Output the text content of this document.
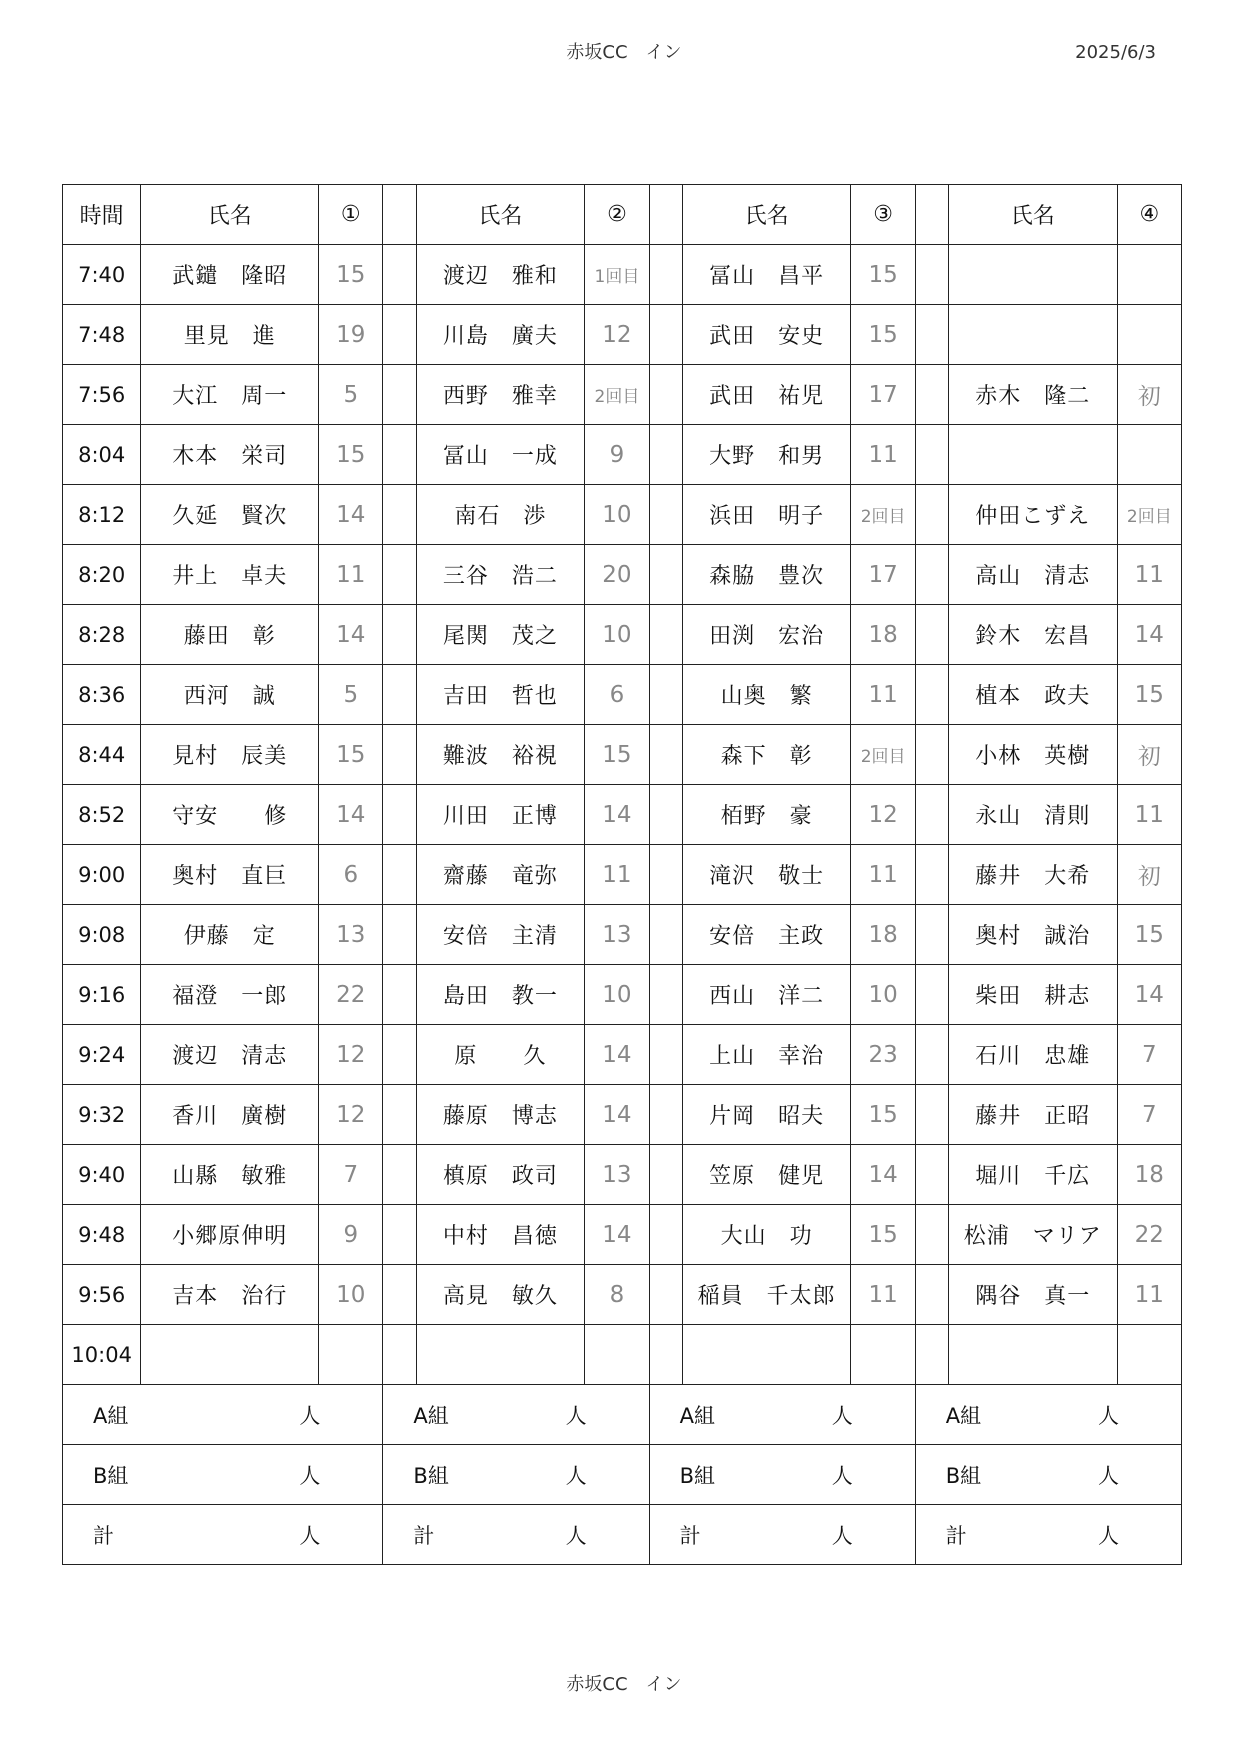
赤坂CC　イン	2025/6/3
時間	氏名	①		氏名	②		氏名	③		氏名	④
7:40	武鑓　隆昭	15		渡辺　雅和	1回目		冨山　昌平	15			
7:48	里見　進	19		川島　廣夫	12		武田　安史	15			
7:56	大江　周一	5		西野　雅幸	2回目		武田　祐児	17		赤木　隆二	初
8:04	木本　栄司	15		冨山　一成	9		大野　和男	11			
8:12	久延　賢次	14		南石　渉	10		浜田　明子	2回目		仲田こずえ	2回目
8:20	井上　卓夫	11		三谷　浩二	20		森脇　豊次	17		高山　清志	11
8:28	藤田　彰	14		尾関　茂之	10		田渕　宏治	18		鈴木　宏昌	14
8:36	西河　誠	5		吉田　哲也	6		山奥　繁	11		植本　政夫	15
8:44	見村　辰美	15		難波　裕視	15		森下　彰	2回目		小林　英樹	初
8:52	守安　　修	14		川田　正博	14		栢野　豪	12		永山　清則	11
9:00	奥村　直巨	6		齋藤　竜弥	11		滝沢　敬士	11		藤井　大希	初
9:08	伊藤　定	13		安倍　主清	13		安倍　主政	18		奥村　誠治	15
9:16	福澄　一郎	22		島田　教一	10		西山　洋二	10		柴田　耕志	14
9:24	渡辺　清志	12		原　　久	14		上山　幸治	23		石川　忠雄	7
9:32	香川　廣樹	12		藤原　博志	14		片岡　昭夫	15		藤井　正昭	7
9:40	山縣　敏雅	7		槙原　政司	13		笠原　健児	14		堀川　千広	18
9:48	小郷原伸明	9		中村　昌徳	14		大山　功	15		松浦　マリア	22
9:56	吉本　治行	10		高見　敏久	8		稲員　千太郎	11		隅谷　真一	11
10:04											

A組 人			A組 人			A組 人			A組 人		

B組 人			B組 人			B組 人			B組 人		

計 人			計 人			計 人			計 人		
赤坂CC　イン
